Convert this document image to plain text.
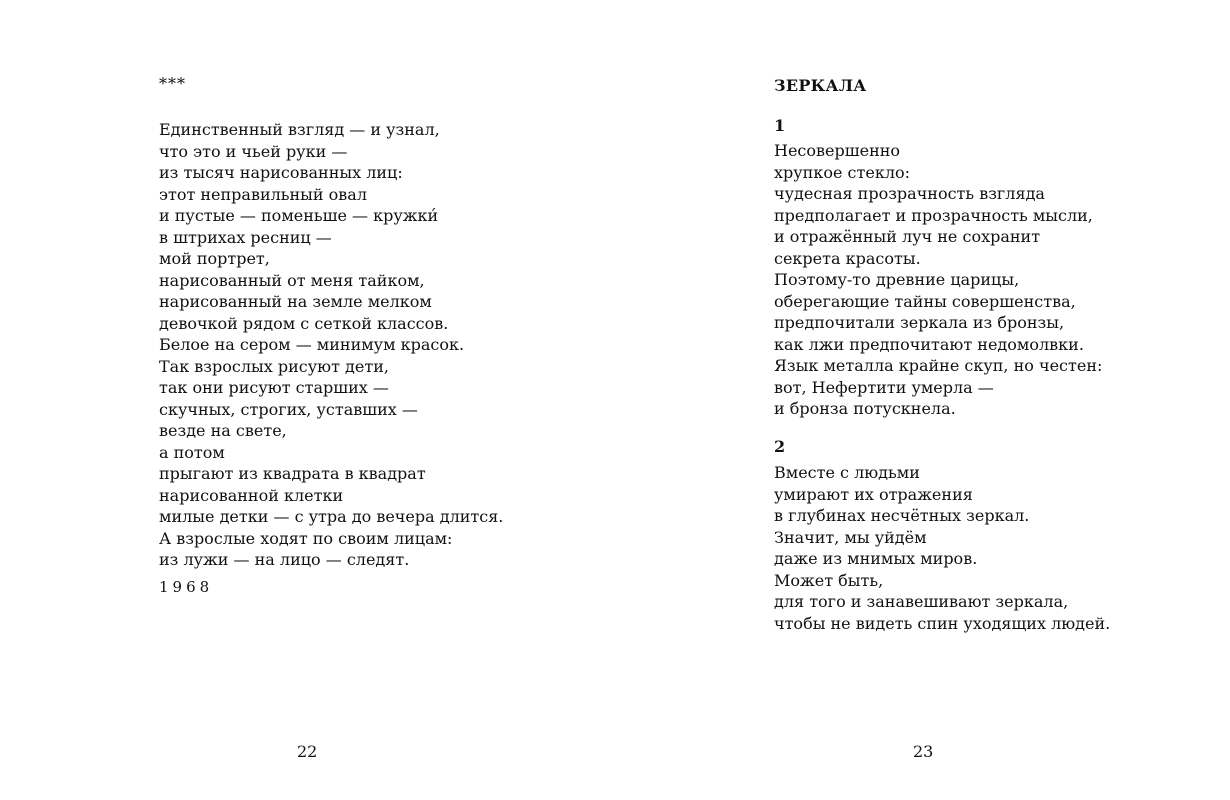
***
Единственный взгляд — и узнал,
что это и чьей руки —
из тысяч нарисованных лиц:
этот неправильный овал
и пустые — поменьше — кружки́
в штрихах ресниц —
мой портрет,
нарисованный от меня тайком,
нарисованный на земле мелком
девочкой рядом с сеткой классов.
Белое на сером — минимум красок.
Так взрослых рисуют дети,
так они рисуют старших —
скучных, строгих, уставших —
везде на свете,
а потом
прыгают из квадрата в квадрат
нарисованной клетки
милые детки — с утра до вечера длится.
А взрослые ходят по своим лицам:
из лужи — на лицо — следят.
1968
22
ЗЕРКАЛА
1
Несовершенно
хрупкое стекло:
чудесная прозрачность взгляда
предполагает и прозрачность мысли,
и отражённый луч не сохранит
секрета красоты.
Поэтому-то древние царицы,
оберегающие тайны совершенства,
предпочитали зеркала из бронзы,
как лжи предпочитают недомолвки.
Язык металла крайне скуп, но честен:
вот, Нефертити умерла —
и бронза потускнела.
2
Вместе с людьми
умирают их отражения
в глубинах несчётных зеркал.
Значит, мы уйдём
даже из мнимых миров.
Может быть,
для того и занавешивают зеркала,
чтобы не видеть спин уходящих людей.
23
